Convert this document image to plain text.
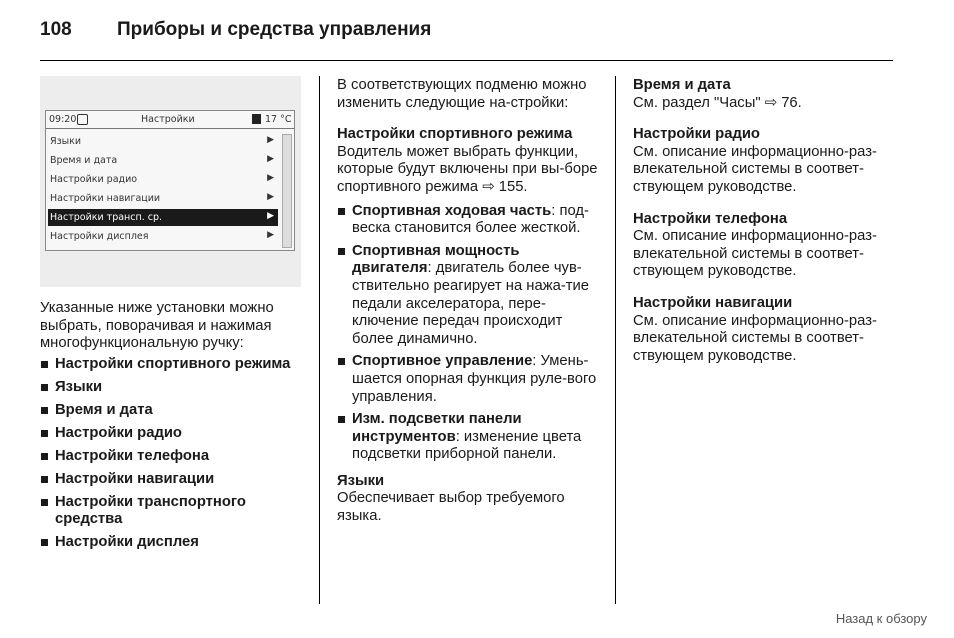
108 Приборы и средства управления
09:20	Настройки	17 °C
Языки	▶
Время и дата	▶
Настройки радио	▶
Настройки навигации	▶
Настройки трансп. ср.	▶
Настройки дисплея	▶

Указанные ниже установки можно выбрать, поворачивая и нажимая многофункциональную ручку:

Настройки спортивного режима
Языки
Время и дата
Настройки радио
Настройки телефона
Настройки навигации
Настройки транспортного средства
Настройки дисплея

В соответствующих подменю можно изменить следующие на-стройки:

Настройки спортивного режима

Водитель может выбрать функции, которые будут включены при вы-боре спортивного режима ⇨ 155.

Спортивная ходовая часть: под-веска становится более жесткой.
Спортивная мощность двигателя: двигатель более чув-ствительно реагирует на нажа-тие педали акселератора, пере-ключение передач происходит более динамично.
Спортивное управление: Умень-шается опорная функция руле-вого управления.
Изм. подсветки панели инструментов: изменение цвета подсветки приборной панели.

Языки

Обеспечивает выбор требуемого языка.

Время и дата

См. раздел "Часы" ⇨ 76.

Настройки радио

См. описание информационно-раз-влекательной системы в соответ-ствующем руководстве.

Настройки телефона

См. описание информационно-раз-влекательной системы в соответ-ствующем руководстве.

Настройки навигации

См. описание информационно-раз-влекательной системы в соответ-ствующем руководстве.

Назад к обзору
